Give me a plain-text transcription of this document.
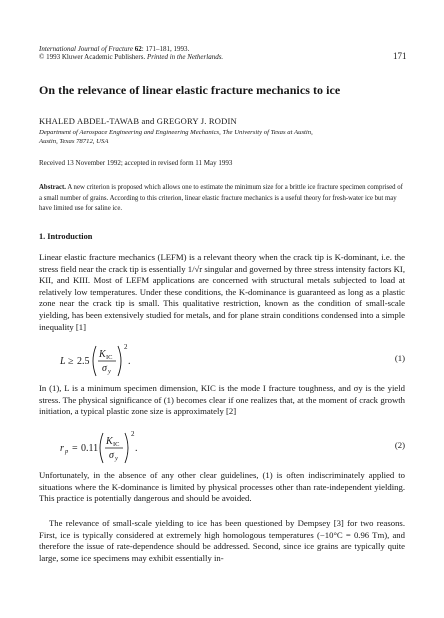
International Journal of Fracture 62: 171–181, 1993.
© 1993 Kluwer Academic Publishers. Printed in the Netherlands.	171
On the relevance of linear elastic fracture mechanics to ice
KHALED ABDEL-TAWAB and GREGORY J. RODIN
Department of Aerospace Engineering and Engineering Mechanics, The University of Texas at Austin,
Austin, Texas 78712, USA
Received 13 November 1992; accepted in revised form 11 May 1993
Abstract. A new criterion is proposed which allows one to estimate the minimum size for a brittle ice fracture specimen comprised of a small number of grains. According to this criterion, linear elastic fracture mechanics is a useful theory for fresh-water ice but may have limited use for saline ice.
1. Introduction
Linear elastic fracture mechanics (LEFM) is a relevant theory when the crack tip is K-dominant, i.e. the stress field near the crack tip is essentially 1/√r singular and governed by three stress intensity factors KI, KII, and KIII. Most of LEFM applications are concerned with structural metals subjected to load at relatively low temperatures. Under these conditions, the K-dominance is guaranteed as long as a plastic zone near the crack tip is small. This qualitative restriction, known as the condition of small-scale yielding, has been extensively studied for metals, and for plane strain conditions condensed into a simple inequality [1]
L ≥ 2.5
K IC
σ y
2
.	(1)
In (1), L is a minimum specimen dimension, KIC is the mode I fracture toughness, and σy is the yield stress. The physical significance of (1) becomes clear if one realizes that, at the moment of crack growth initiation, a typical plastic zone size is approximately [2]
r p = 0.11
K IC
σ y
2
.	(2)
Unfortunately, in the absence of any other clear guidelines, (1) is often indiscriminately applied to situations where the K-dominance is limited by physical processes other than rate-independent yielding. This practice is potentially dangerous and should be avoided.
The relevance of small-scale yielding to ice has been questioned by Dempsey [3] for two reasons. First, ice is typically considered at extremely high homologous temperatures (−10°C = 0.96 Tm), and therefore the issue of rate-dependence should be addressed. Second, since ice grains are typically quite large, some ice specimens may exhibit essentially in-
